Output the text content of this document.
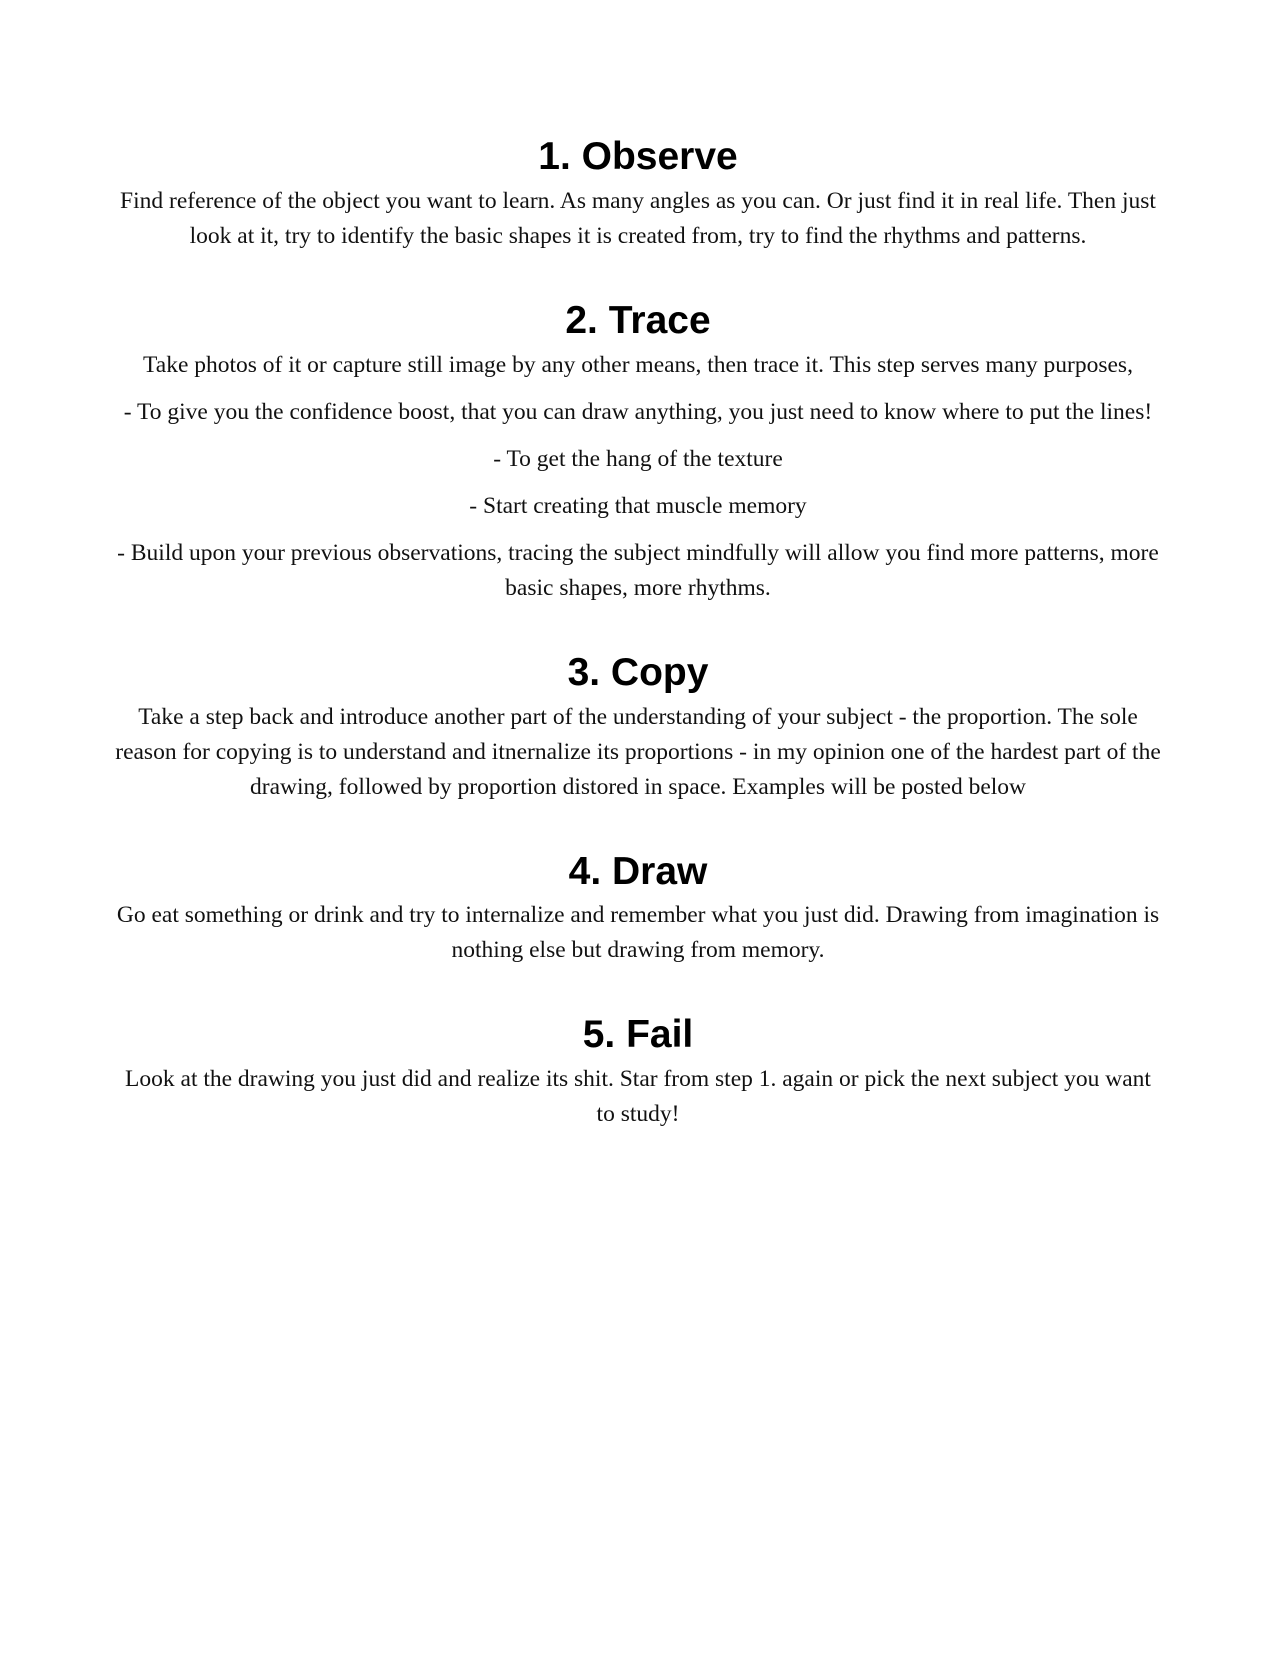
1. Observe

Find reference of the object you want to learn. As many angles as you can. Or just find it in real life. Then just look at it, try to identify the basic shapes it is created from, try to find the rhythms and patterns.

2. Trace

Take photos of it or capture still image by any other means, then trace it. This step serves many purposes,

- To give you the confidence boost, that you can draw anything, you just need to know where to put the lines!

- To get the hang of the texture

- Start creating that muscle memory

- Build upon your previous observations, tracing the subject mindfully will allow you find more patterns, more basic shapes, more rhythms.

3. Copy

Take a step back and introduce another part of the understanding of your subject - the proportion. The sole reason for copying is to understand and itnernalize its proportions - in my opinion one of the hardest part of the drawing, followed by proportion distored in space. Examples will be posted below

4. Draw

Go eat something or drink and try to internalize and remember what you just did. Drawing from imagination is nothing else but drawing from memory.

5. Fail

Look at the drawing you just did and realize its shit. Star from step 1. again or pick the next subject you want to study!
